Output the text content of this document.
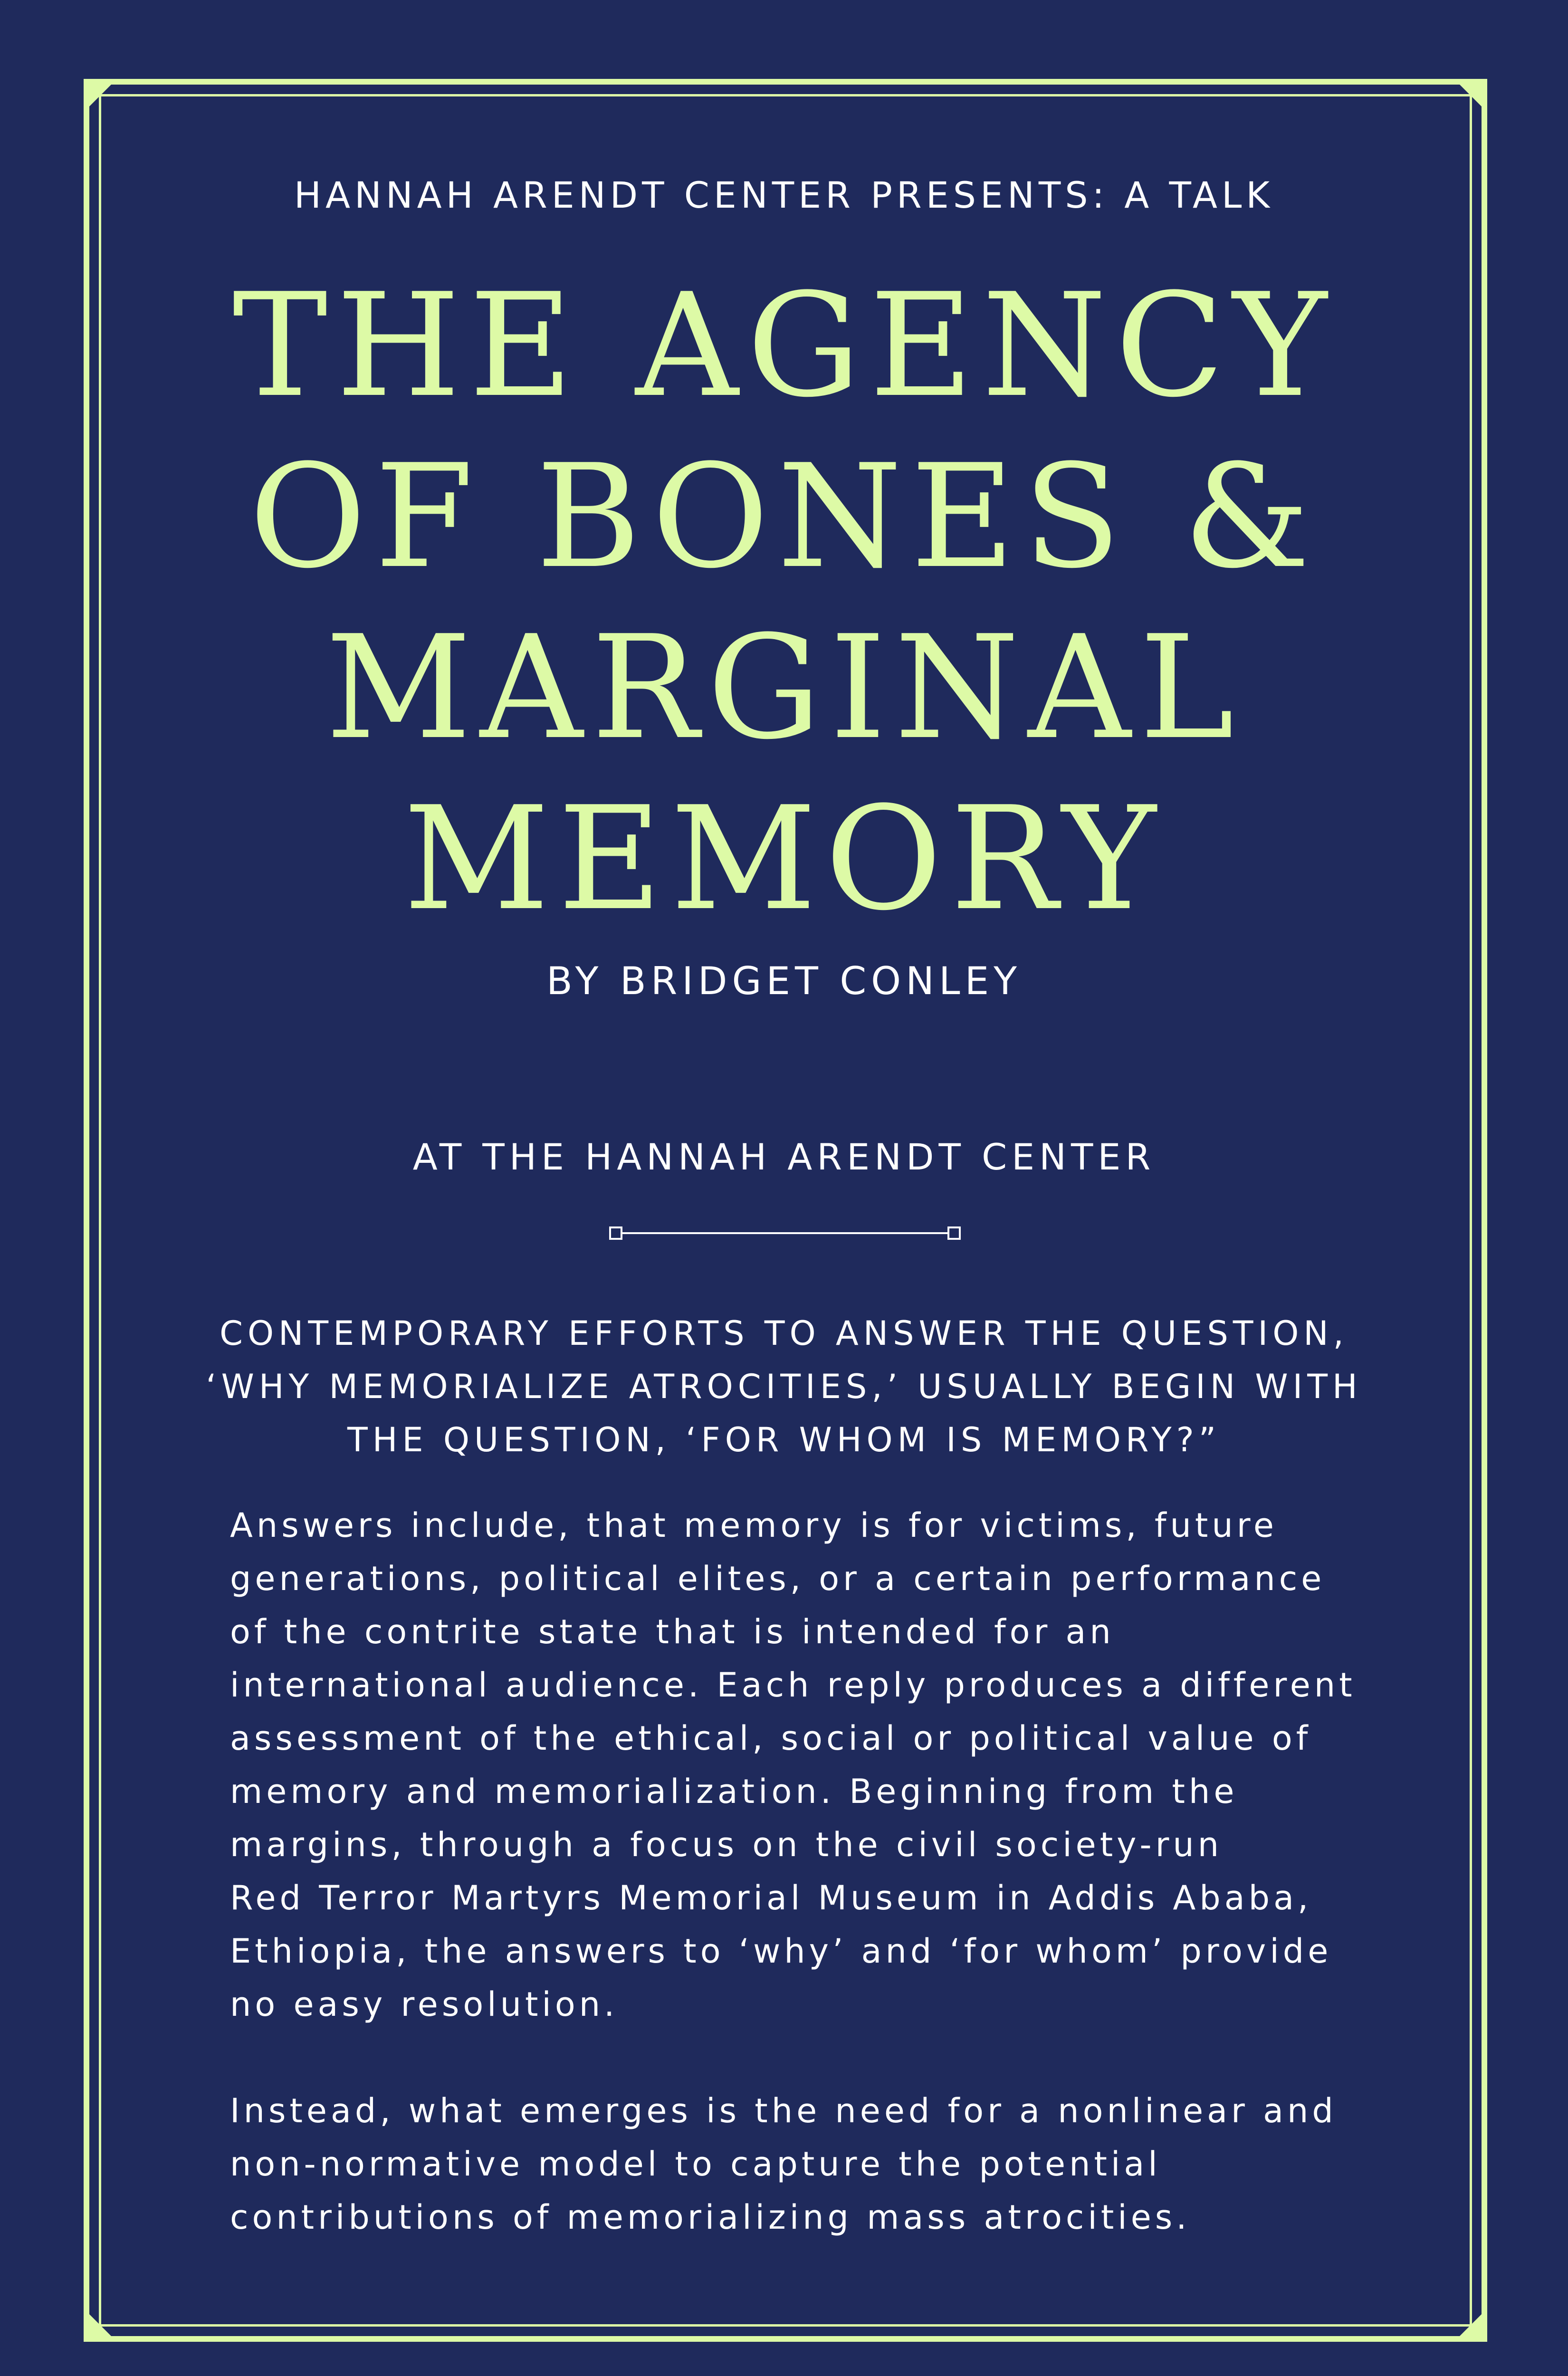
HANNAH ARENDT CENTER PRESENTS: A TALK
THE AGENCY
OF BONES &
MARGINAL
MEMORY
BY BRIDGET CONLEY
AT THE HANNAH ARENDT CENTER
CONTEMPORARY EFFORTS TO ANSWER THE QUESTION,
‘WHY MEMORIALIZE ATROCITIES,’ USUALLY BEGIN WITH
THE QUESTION, ‘FOR WHOM IS MEMORY?”
Answers include, that memory is for victims, future
generations, political elites, or a certain performance
of the contrite state that is intended for an
international audience. Each reply produces a different
assessment of the ethical, social or political value of
memory and memorialization. Beginning from the
margins, through a focus on the civil society-run
Red Terror Martyrs Memorial Museum in Addis Ababa,
Ethiopia, the answers to ‘why’ and ‘for whom’ provide
no easy resolution.
Instead, what emerges is the need for a nonlinear and
non-normative model to capture the potential
contributions of memorializing mass atrocities.
